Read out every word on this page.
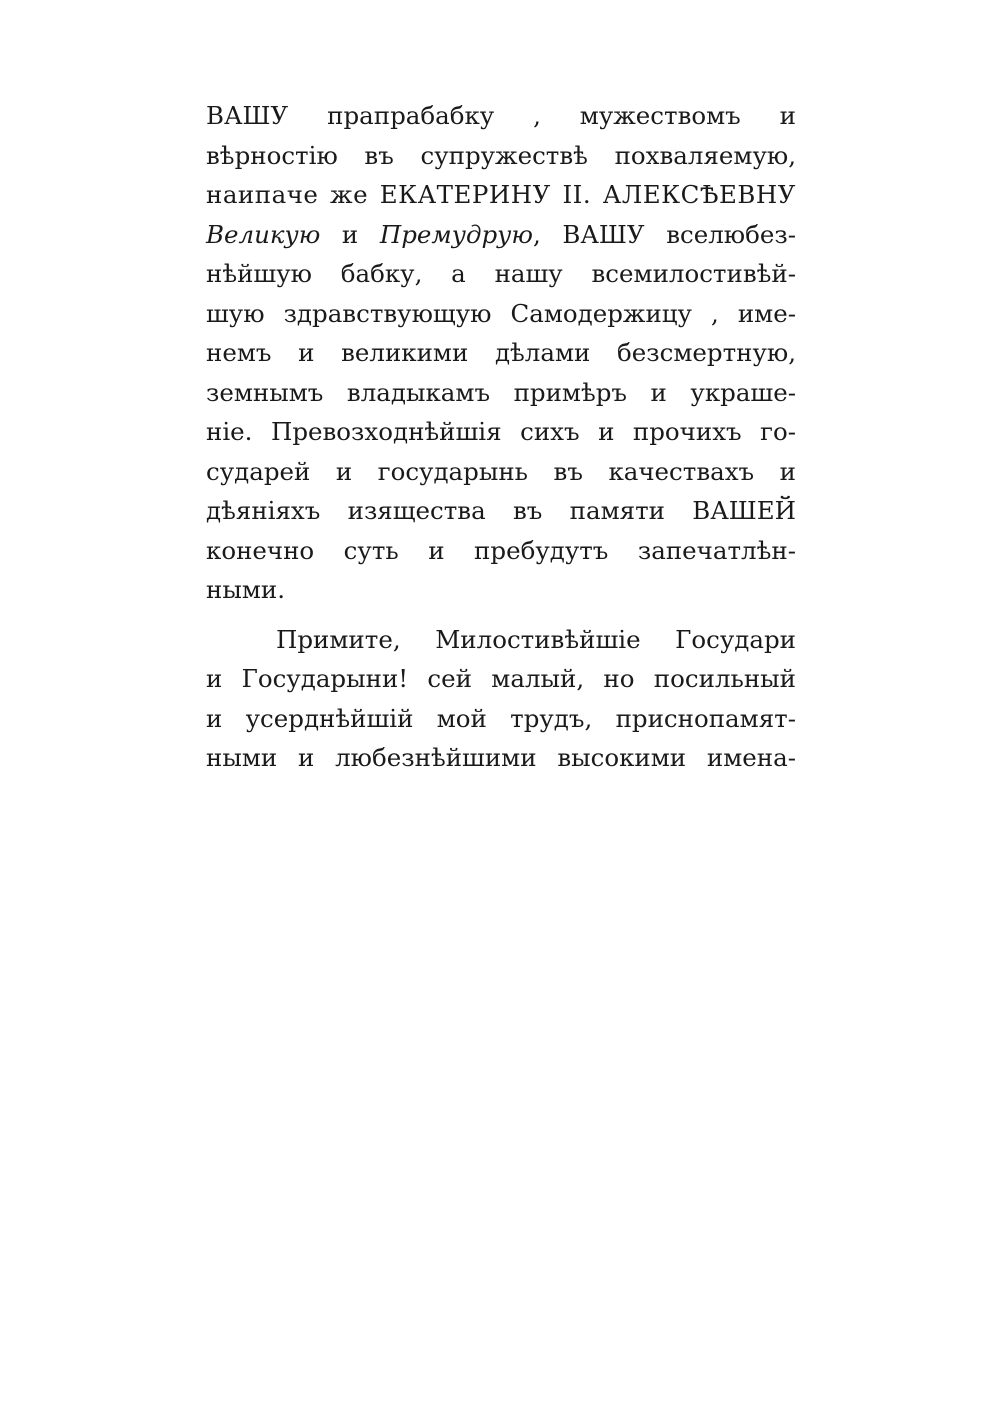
ВАШУ прапрабабку , мужествомъ и
вѣрностію въ супружествѣ похваляемую,
наипаче же ЕКАТЕРИНУ II. АЛЕКСѢЕВНУ
Великую и Премудрую, ВАШУ вселюбез-
нѣйшую бабку, а нашу всемилостивѣй-
шую здравствующую Самодержицу , име-
немъ и великими дѣлами безсмертную,
земнымъ владыкамъ примѣръ и украше-
ніе. Превозходнѣйшія сихъ и прочихъ го-
сударей и государынь въ качествахъ и
дѣяніяхъ изящества въ памяти ВАШЕЙ
конечно суть и пребудутъ запечатлѣн-
ными.
Примите, Милостивѣйшіе Государи
и Государыни! сей малый, но посильный
и усерднѣйшій мой трудъ, приснопамят-
ными и любезнѣйшими высокими имена-
